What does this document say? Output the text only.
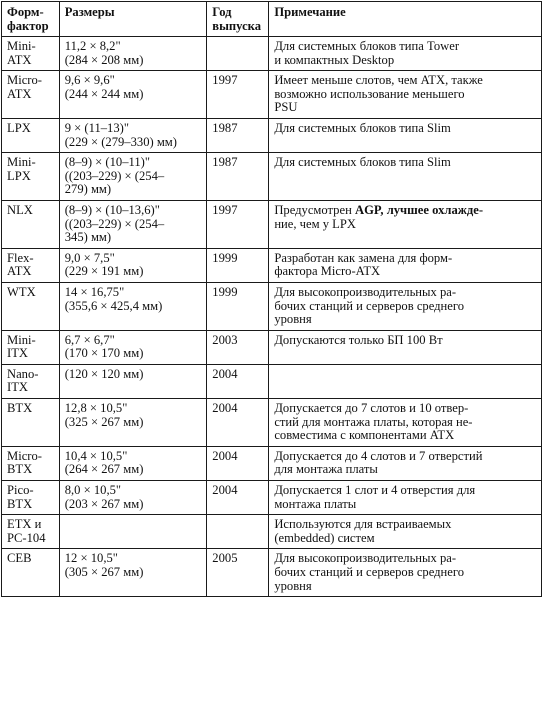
Форм-
фактор	Размеры	Год
выпуска	Примечание

Mini-
ATX	11,2 × 8,2"
(284 × 208 мм)		Для системных блоков типа Tower
и компактных Desktop

Micro-
ATX	9,6 × 9,6"
(244 × 244 мм)	1997	Имеет меньше слотов, чем ATX, также
возможно использование меньшего
PSU

LPX	9 × (11–13)"
(229 × (279–330) мм)	1987	Для системных блоков типа Slim

Mini-
LPX	(8–9) × (10–11)"
((203–229) × (254–
279) мм)	1987	Для системных блоков типа Slim

NLX	(8–9) × (10–13,6)"
((203–229) × (254–
345) мм)	1997	Предусмотрен AGP, лучшее охлажде-
ние, чем у LPX

Flex-
ATX	9,0 × 7,5"
(229 × 191 мм)	1999	Разработан как замена для форм-
фактора Micro-ATX

WTX	14 × 16,75"
(355,6 × 425,4 мм)	1999	Для высокопроизводительных ра-
бочих станций и серверов среднего
уровня

Mini-
ITX	6,7 × 6,7"
(170 × 170 мм)	2003	Допускаются только БП 100 Вт

Nano-
ITX	(120 × 120 мм)	2004	

BTX	12,8 × 10,5"
(325 × 267 мм)	2004	Допускается до 7 слотов и 10 отвер-
стий для монтажа платы, которая не-
совместима с компонентами ATX

Micro-
BTX	10,4 × 10,5"
(264 × 267 мм)	2004	Допускается до 4 слотов и 7 отверстий
для монтажа платы

Pico-
BTX	8,0 × 10,5"
(203 × 267 мм)	2004	Допускается 1 слот и 4 отверстия для
монтажа платы

ETX и
PC-104			Используются для встраиваемых
(embedded) систем

CEB	12 × 10,5"
(305 × 267 мм)	2005	Для высокопроизводительных ра-
бочих станций и серверов среднего
уровня
